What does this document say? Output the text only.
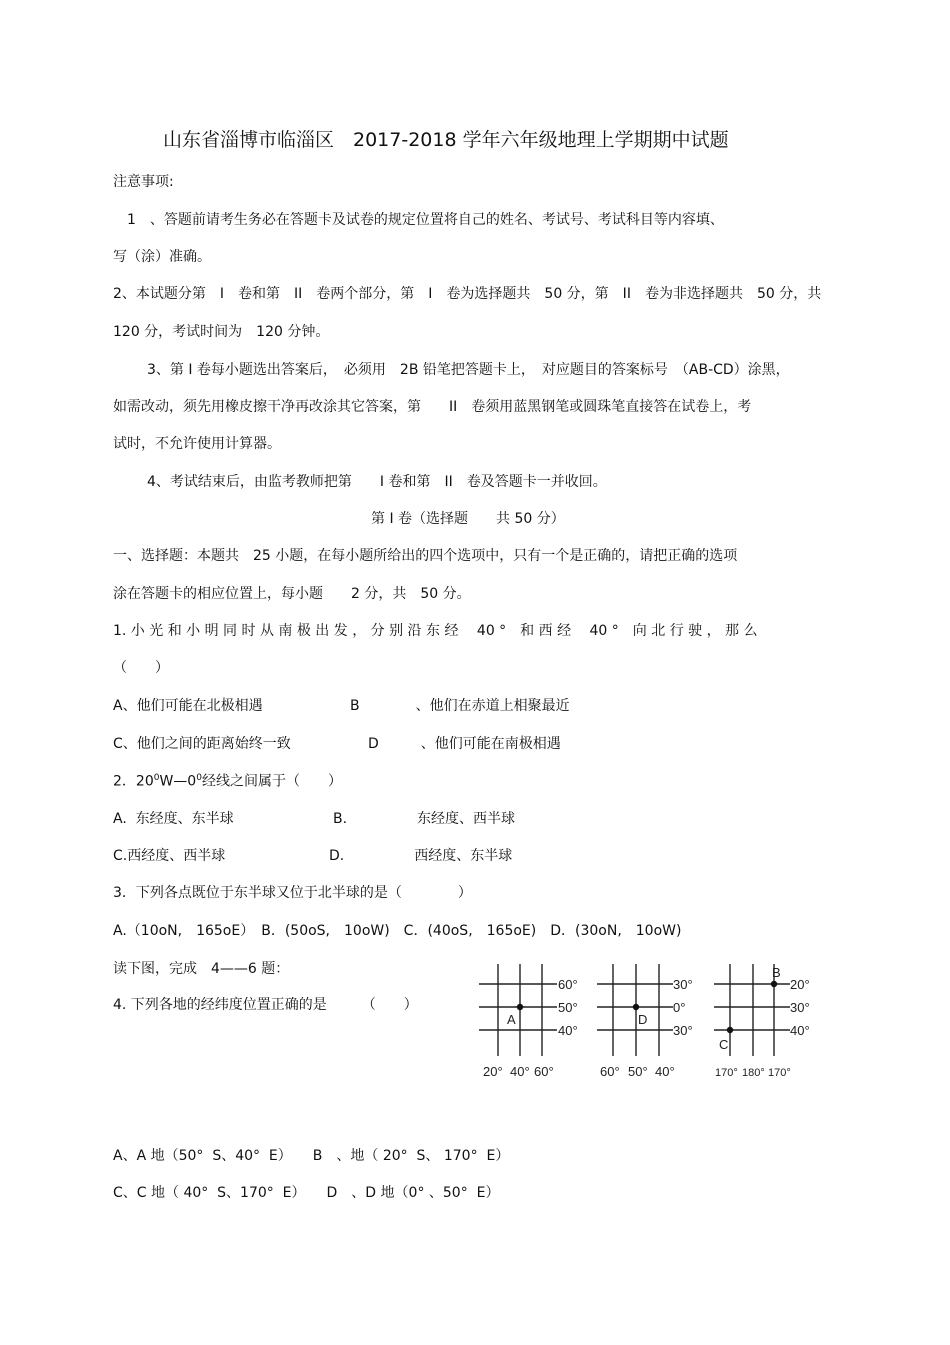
山东省淄博市临淄区　2017-2018 学年六年级地理上学期期中试题
注意事项:
　1　、答题前请考生务必在答题卡及试卷的规定位置将自己的姓名、考试号、考试科目等内容填、
写（涂）准确。
2、本试题分第　I　卷和第　II　卷两个部分，第　I　卷为选择题共　50 分，第　II　卷为非选择题共　50 分，共
120 分，考试时间为　120 分钟。
3、第 I 卷每小题选出答案后，　必须用　2B 铅笔把答题卡上，　对应题目的答案标号　（AB-CD）涂黑，
如需改动，须先用橡皮擦干净再改涂其它答案，第　　II　卷须用蓝黑钢笔或圆珠笔直接答在试卷上，考
试时，不允许使用计算器。
4、考试结束后，由监考教师把第　　I 卷和第　II　卷及答题卡一并收回。
第 I 卷（选择题　　共 50 分）
一、选择题：本题共　25 小题，在每小题所给出的四个选项中，只有一个是正确的，请把正确的选项
涂在答题卡的相应位置上，每小题　　2 分，共　50 分。
1. 小 光 和 小 明 同 时 从 南 极 出 发 ， 分 别 沿 东 经 　40 °　和 西 经 　40 °　向 北 行 驶 ， 那 么
（　　）
A、他们可能在北极相遇	B　　　　、他们在赤道上相聚最近
C、他们之间的距离始终一致	D　　　、他们可能在南极相遇
2．$20^0W—0^0$经线之间属于（　　）
A.  东经度、东半球	B.　　　　　东经度、西半球
C.西经度、西半球	D.　　　　　西经度、东半球
3．下列各点既位于东半球又位于北半球的是（　　　　）
A.（10oN,　165oE）　B．(50oS,　10oW)　C．(40oS,　165oE)　D．(30oN,　10oW)
读下图，完成　4——6 题：
4. 下列各地的经纬度位置正确的是　　　（　　）
A
60°
50°
40°
20° 40° 60°
D
30°
0°
30°
60° 50° 40°
B
C
20°
30°
40°
170° 180° 170°
A、A 地（50°  S、40°  E）　　B　、地（ 20°  S、 170°  E）
C、C 地（ 40°  S、170°  E）　　D　、D 地（0° 、50°  E）
